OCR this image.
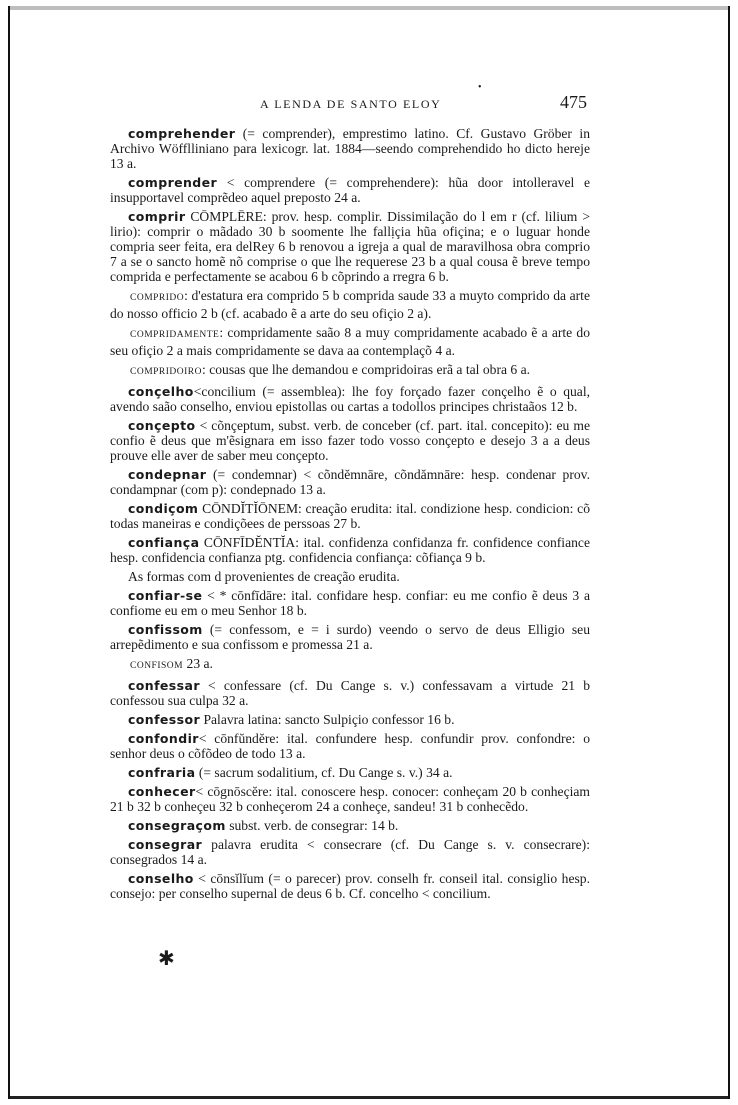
•
A LENDA DE SANTO ELOY	475

comprehender (= comprender), emprestimo latino. Cf. Gustavo Gröber in Archivo Wöfflliniano para lexicogr. lat. 1884—seendo comprehendido ho dicto hereje 13 a.

comprender < comprendere (= comprehendere): hũa door intolleravel e insupportavel comprẽdeo aquel preposto 24 a.

comprir CŌMPLĒRE: prov. hesp. complir. Dissimilação do l em r (cf. lilium > lirio): comprir o mãdado 30 b soomente lhe fallịçia hũa ofiçina; e o luguar honde compria seer feita, era delRey 6 b renovou a igreja a qual de maravilhosa obra comprio 7 a se o sancto homẽ nõ comprise o que lhe requerese 23 b a qual cousa ẽ breve tempo comprida e perfectamente se acabou 6 b cõprindo a rregra 6 b.

COMPRIDO: d'estatura era comprido 5 b comprida saude 33 a muyto comprido da arte do nosso officio 2 b (cf. acabado ẽ a arte do seu ofiçio 2 a).

COMPRIDAMENTE: compridamente saão 8 a muy compridamente acabado ẽ a arte do seu ofiçio 2 a mais compridamente se dava aa contemplaçõ 4 a.

COMPRIDOIRO: cousas que lhe demandou e compridoiras erã a tal obra 6 a.

conçelho<concilium (= assemblea): lhe foy forçado fazer conçelho ẽ o qual, avendo saão conselho, enviou epistollas ou cartas a todollos principes christaãos 12 b.

conçepto < cõnçeptum, subst. verb. de conceber (cf. part. ital. concepito): eu me confio ẽ deus que m'ẽsignara em isso fazer todo vosso conçepto e desejo 3 a a deus prouve elle aver de saber meu conçepto.

condepnar (= condemnar) < cõndĕmnāre, cõndămnāre: hesp. condenar prov. condampnar (com p): condepnado 13 a.

condiçom CŌNDĬTĬŌNEM: creação erudita: ital. condizione hesp. condicion: cõ todas maneiras e condiçõees de perssoas 27 b.

confiança CŌNFĪDĔNTĬA: ital. confidenza confidanza fr. confidence confiance hesp. confidencia confianza ptg. confidencia confiança: cõfiança 9 b.

As formas com d provenientes de creação erudita.

confiar-se < * cōnfīdāre: ital. confidare hesp. confiar: eu me confio ẽ deus 3 a confiome eu em o meu Senhor 18 b.

confissom (= confessom, e = i surdo) veendo o servo de deus Elligio seu arrepẽdimento e sua confissom e promessa 21 a.

CONFISOM 23 a.

confessar < confessare (cf. Du Cange s. v.) confessavam a virtude 21 b confessou sua culpa 32 a.

confessor Palavra latina: sancto Sulpiçio confessor 16 b.

confondir< cōnfŭndĕre: ital. confundere hesp. confundir prov. confondre: o senhor deus o cõfõdeo de todo 13 a.

confraria (= sacrum sodalitium, cf. Du Cange s. v.) 34 a.

conhecer< cōgnōscĕre: ital. conoscere hesp. conocer: conheçam 20 b conheçiam 21 b 32 b conheçeu 32 b conheçerom 24 a conheçe, sandeu! 31 b conhecẽdo.

consegraçom subst. verb. de consegrar: 14 b.

consegrar palavra erudita < consecrare (cf. Du Cange s. v. consecrare): consegrados 14 a.

conselho < cōnsĭlĭum (= o parecer) prov. conselh fr. conseil ital. consiglio hesp. consejo: per conselho supernal de deus 6 b. Cf. concelho < concilium.

✱
